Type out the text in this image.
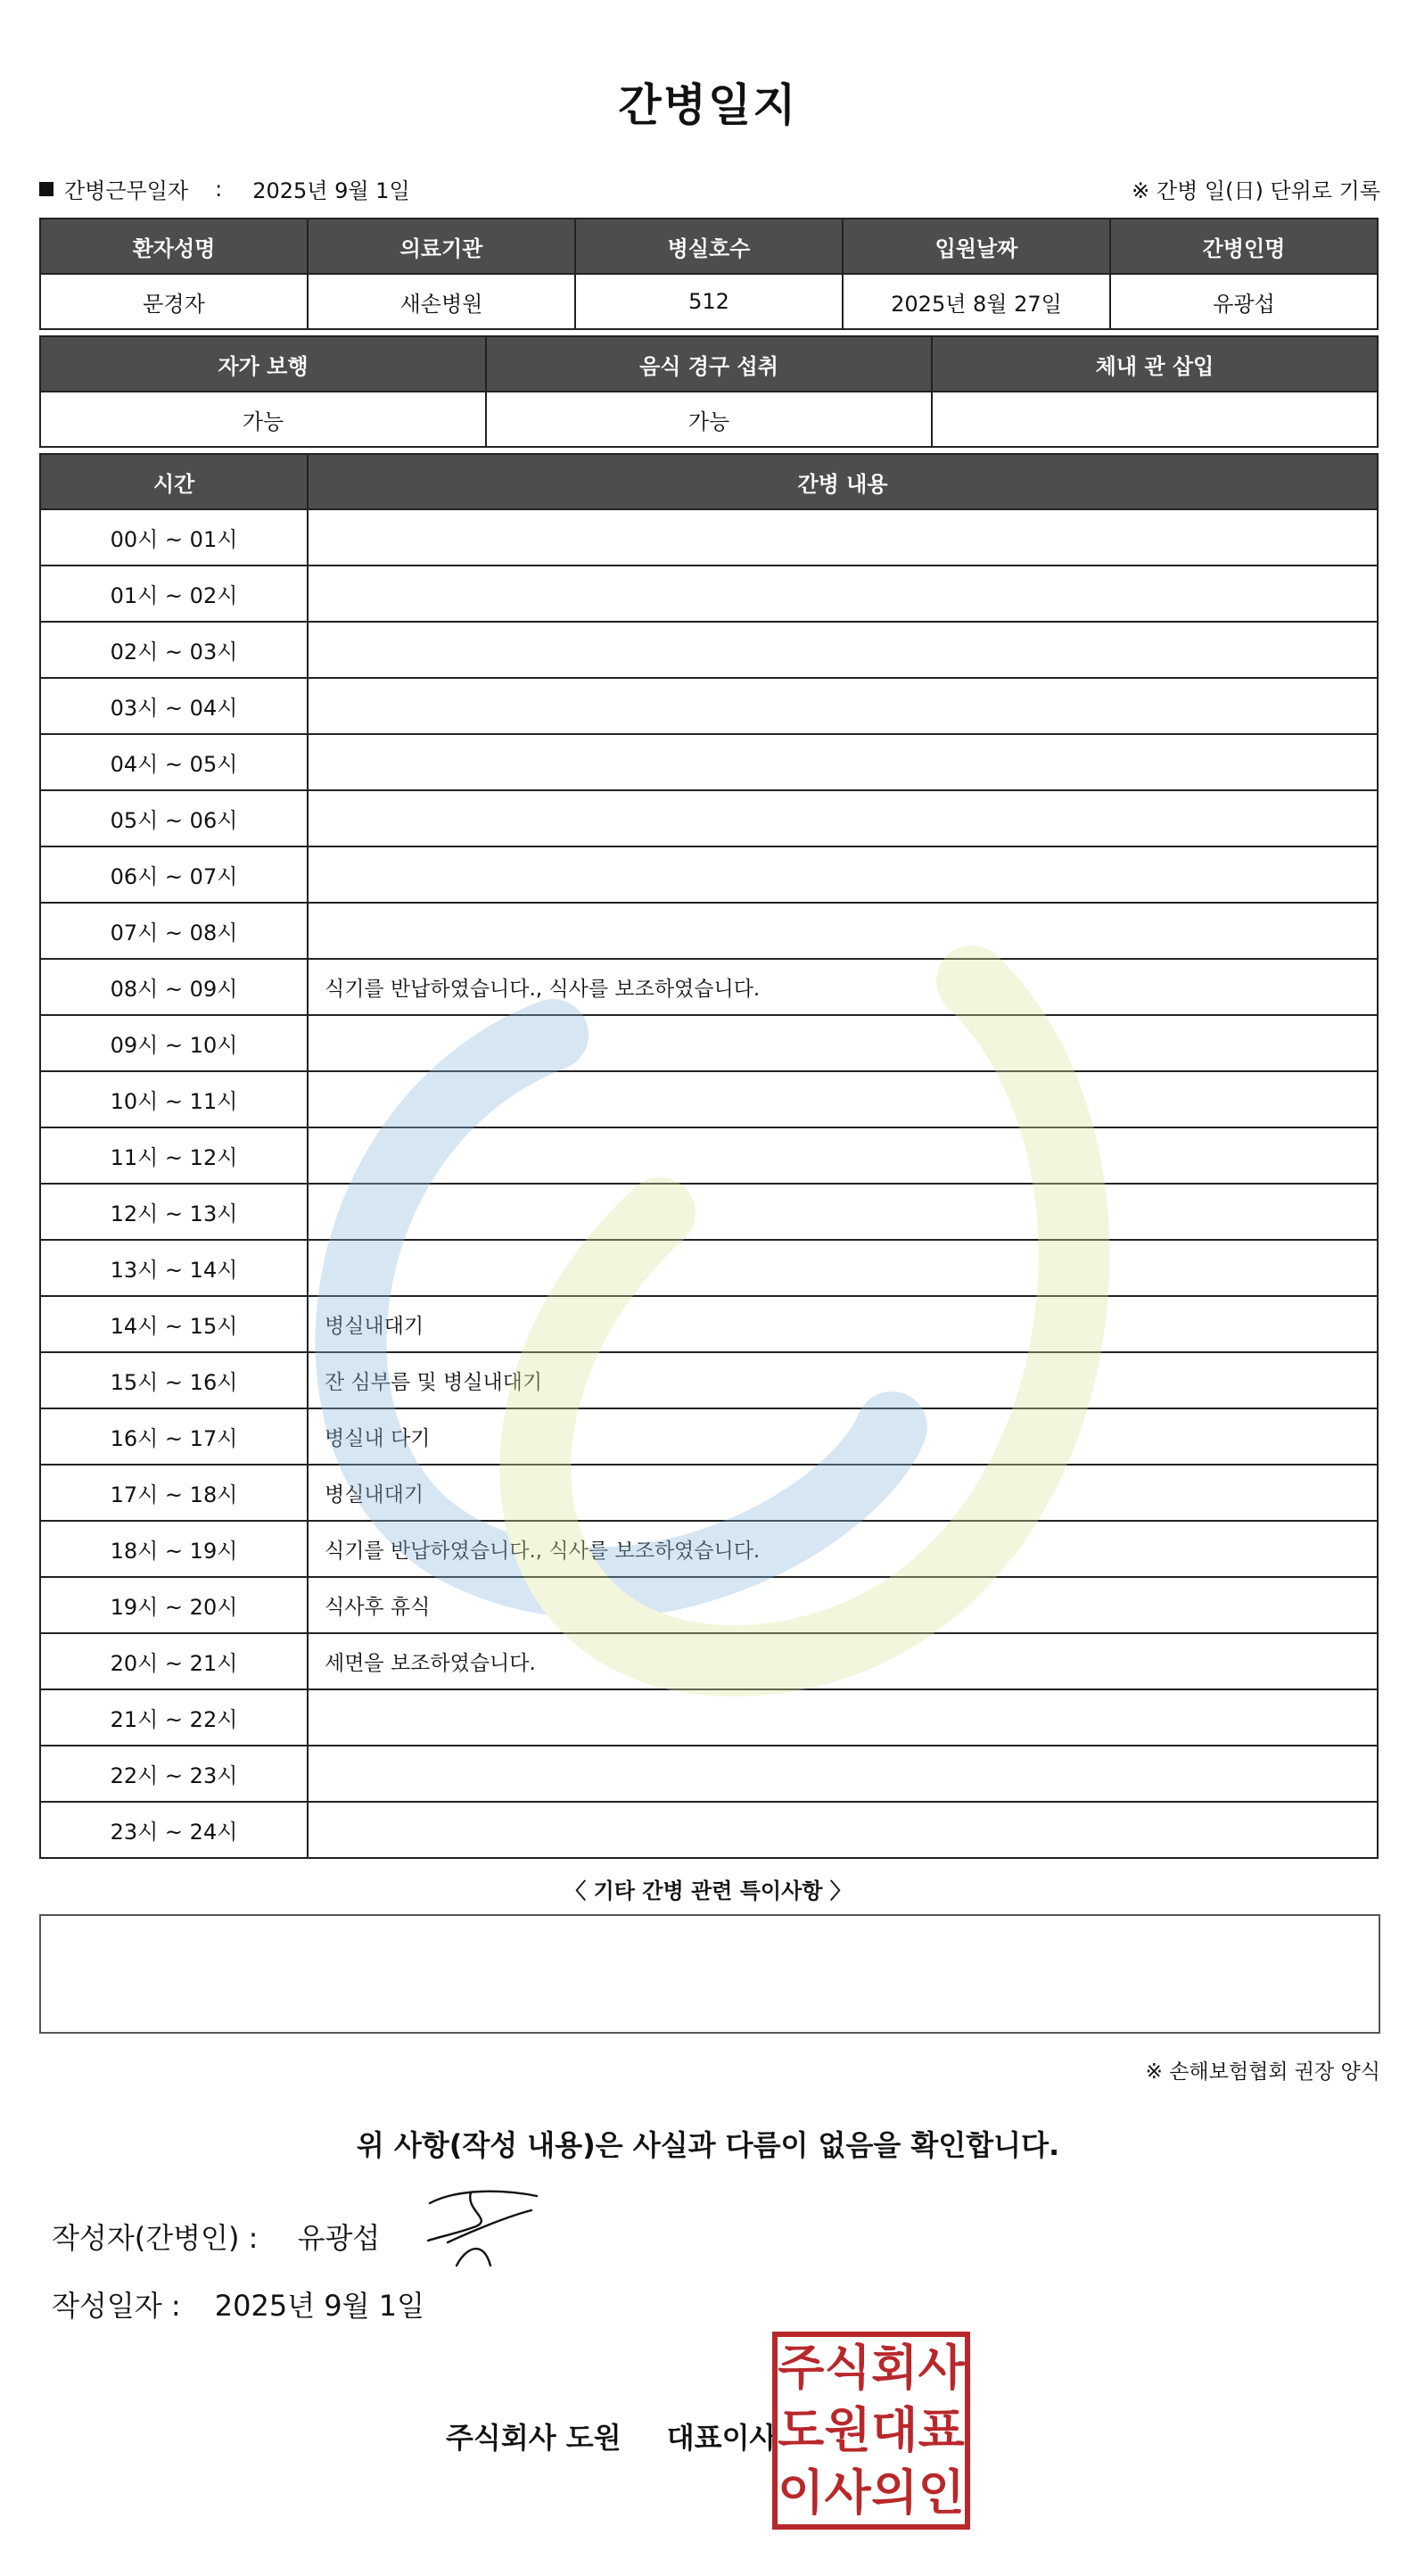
간병일지
간병근무일자 : 2025년 9월 1일	※ 간병 일(日) 단위로 기록
환자성명	의료기관	병실호수	입원날짜	간병인명
문경자	새손병원	512	2025년 8월 27일	유광섭
자가 보행	음식 경구 섭취	체내 관 삽입
가능	가능	
시간	간병 내용
00시 ~ 01시	
01시 ~ 02시	
02시 ~ 03시	
03시 ~ 04시	
04시 ~ 05시	
05시 ~ 06시	
06시 ~ 07시	
07시 ~ 08시	
08시 ~ 09시	식기를 반납하였습니다., 식사를 보조하였습니다.
09시 ~ 10시	
10시 ~ 11시	
11시 ~ 12시	
12시 ~ 13시	
13시 ~ 14시	
14시 ~ 15시	병실내대기
15시 ~ 16시	잔 심부름 및 병실내대기
16시 ~ 17시	병실내 다기
17시 ~ 18시	병실내대기
18시 ~ 19시	식기를 반납하였습니다., 식사를 보조하였습니다.
19시 ~ 20시	식사후 휴식
20시 ~ 21시	세면을 보조하였습니다.
21시 ~ 22시	
22시 ~ 23시	
23시 ~ 24시	
〈 기타 간병 관련 특이사항 〉
※ 손해보험협회 권장 양식
위 사항(작성 내용)은 사실과 다름이 없음을 확인합니다.
작성자(간병인) : 유광섭
작성일자 : 2025년 9월 1일
주식회사 도원 대표이사
주 식 회 사
도 원 대 표
이 사 의 인
